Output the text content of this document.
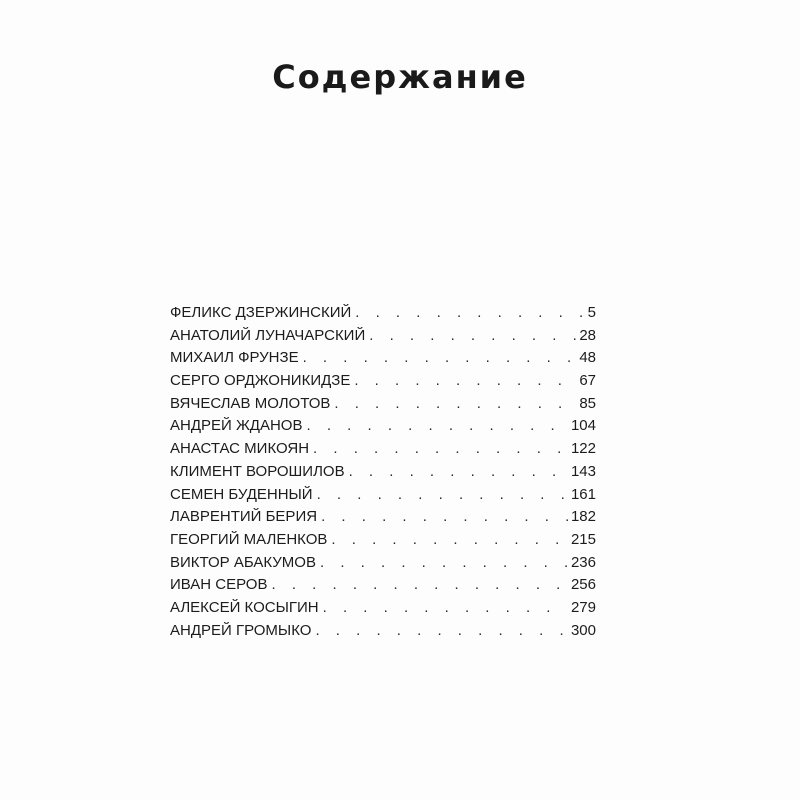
Содержание
ФЕЛИКС ДЗЕРЖИНСКИЙ . . .	5
АНАТОЛИЙ ЛУНАЧАРСКИЙ . . .	28
МИХАИЛ ФРУНЗЕ . . .	48
СЕРГО ОРДЖОНИКИДЗЕ . . .	67
ВЯЧЕСЛАВ МОЛОТОВ . . .	85
АНДРЕЙ ЖДАНОВ . . .	104
АНАСТАС МИКОЯН . . .	122
КЛИМЕНТ ВОРОШИЛОВ . . .	143
СЕМЕН БУДЕННЫЙ . . .	161
ЛАВРЕНТИЙ БЕРИЯ . . .	182
ГЕОРГИЙ МАЛЕНКОВ . . .	215
ВИКТОР АБАКУМОВ . . .	236
ИВАН СЕРОВ . . .	256
АЛЕКСЕЙ КОСЫГИН . . .	279
АНДРЕЙ ГРОМЫКО . . .	300
